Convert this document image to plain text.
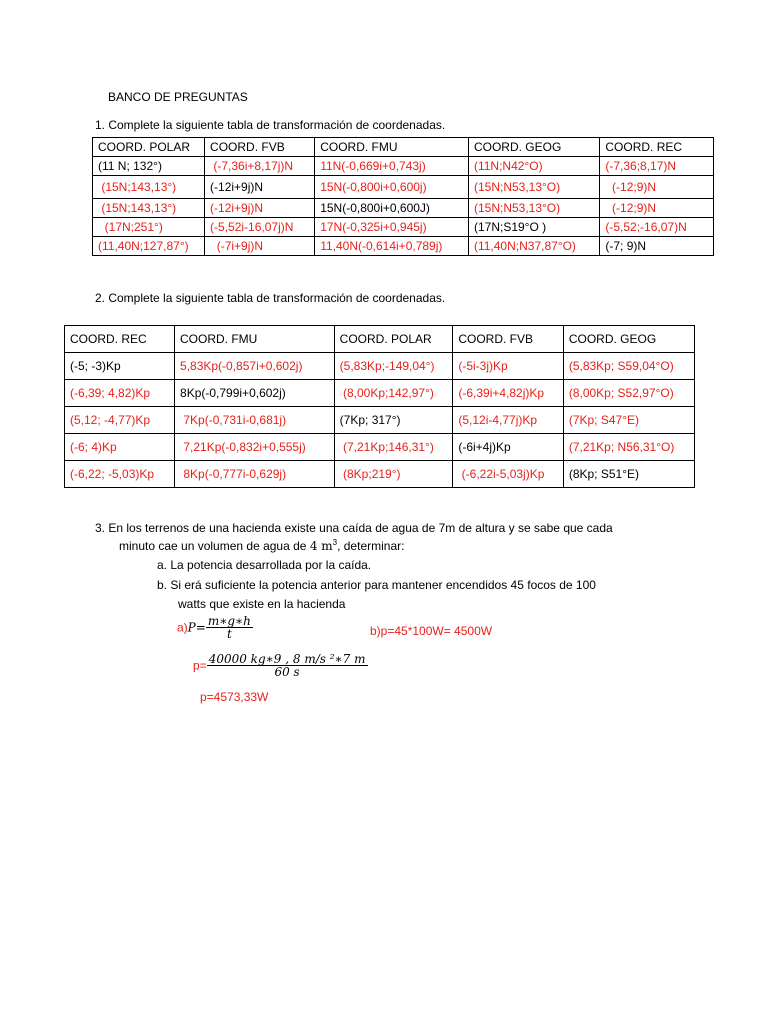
BANCO DE PREGUNTAS
1. Complete la siguiente tabla de transformación de coordenadas.
COORD. POLAR	COORD. FVB	COORD. FMU	COORD. GEOG	COORD. REC
(11 N; 132°)	(-7,36i+8,17j)N	11N(-0,669i+0,743j)	(11N;N42°O)	(-7,36;8,17)N
(15N;143,13°)	(-12i+9j)N	15N(-0,800i+0,600j)	(15N;N53,13°O)	(-12;9)N
(15N;143,13°)	(-12i+9j)N	15N(-0,800i+0,600J)	(15N;N53,13°O)	(-12;9)N
(17N;251°)	(-5,52i-16,07j)N	17N(-0,325i+0,945j)	(17N;S19°O )	(-5,52;-16,07)N
(11,40N;127,87°)	(-7i+9j)N	11,40N(-0,614i+0,789j)	(11,40N;N37,87°O)	(-7; 9)N
2. Complete la siguiente tabla de transformación de coordenadas.
COORD. REC	COORD. FMU	COORD. POLAR	COORD. FVB	COORD. GEOG
(-5; -3)Kp	5,83Kp(-0,857i+0,602j)	(5,83Kp;-149,04°)	(-5i-3j)Kp	(5,83Kp; S59,04°O)
(-6,39; 4,82)Kp	8Kp(-0,799i+0,602j)	(8,00Kp;142,97°)	(-6,39i+4,82j)Kp	(8,00Kp; S52,97°O)
(5,12; -4,77)Kp	7Kp(-0,731i-0,681j)	(7Kp; 317°)	(5,12i-4,77j)Kp	(7Kp; S47°E)
(-6; 4)Kp	7,21Kp(-0,832i+0,555j)	(7,21Kp;146,31°)	(-6i+4j)Kp	(7,21Kp; N56,31°O)
(-6,22; -5,03)Kp	8Kp(-0,777i-0,629j)	(8Kp;219°)	(-6,22i-5,03j)Kp	(8Kp; S51°E)
3. En los terrenos de una hacienda existe una caída de agua de 7m de altura y se sabe que cada
minuto cae un volumen de agua de 4 $m^3$, determinar:
a. La potencia desarrollada por la caída.
b. Si erá suficiente la potencia anterior para mantener encendidos 45 focos de 100
watts que existe en la hacienda
$a)P= \frac{m∗g∗h}{t}$	b)p=45*100W= 4500W
$p= \frac{\text{40000 kg∗9 , 8 m/s ²∗7 m}}{60 s}$
p=4573,33W
